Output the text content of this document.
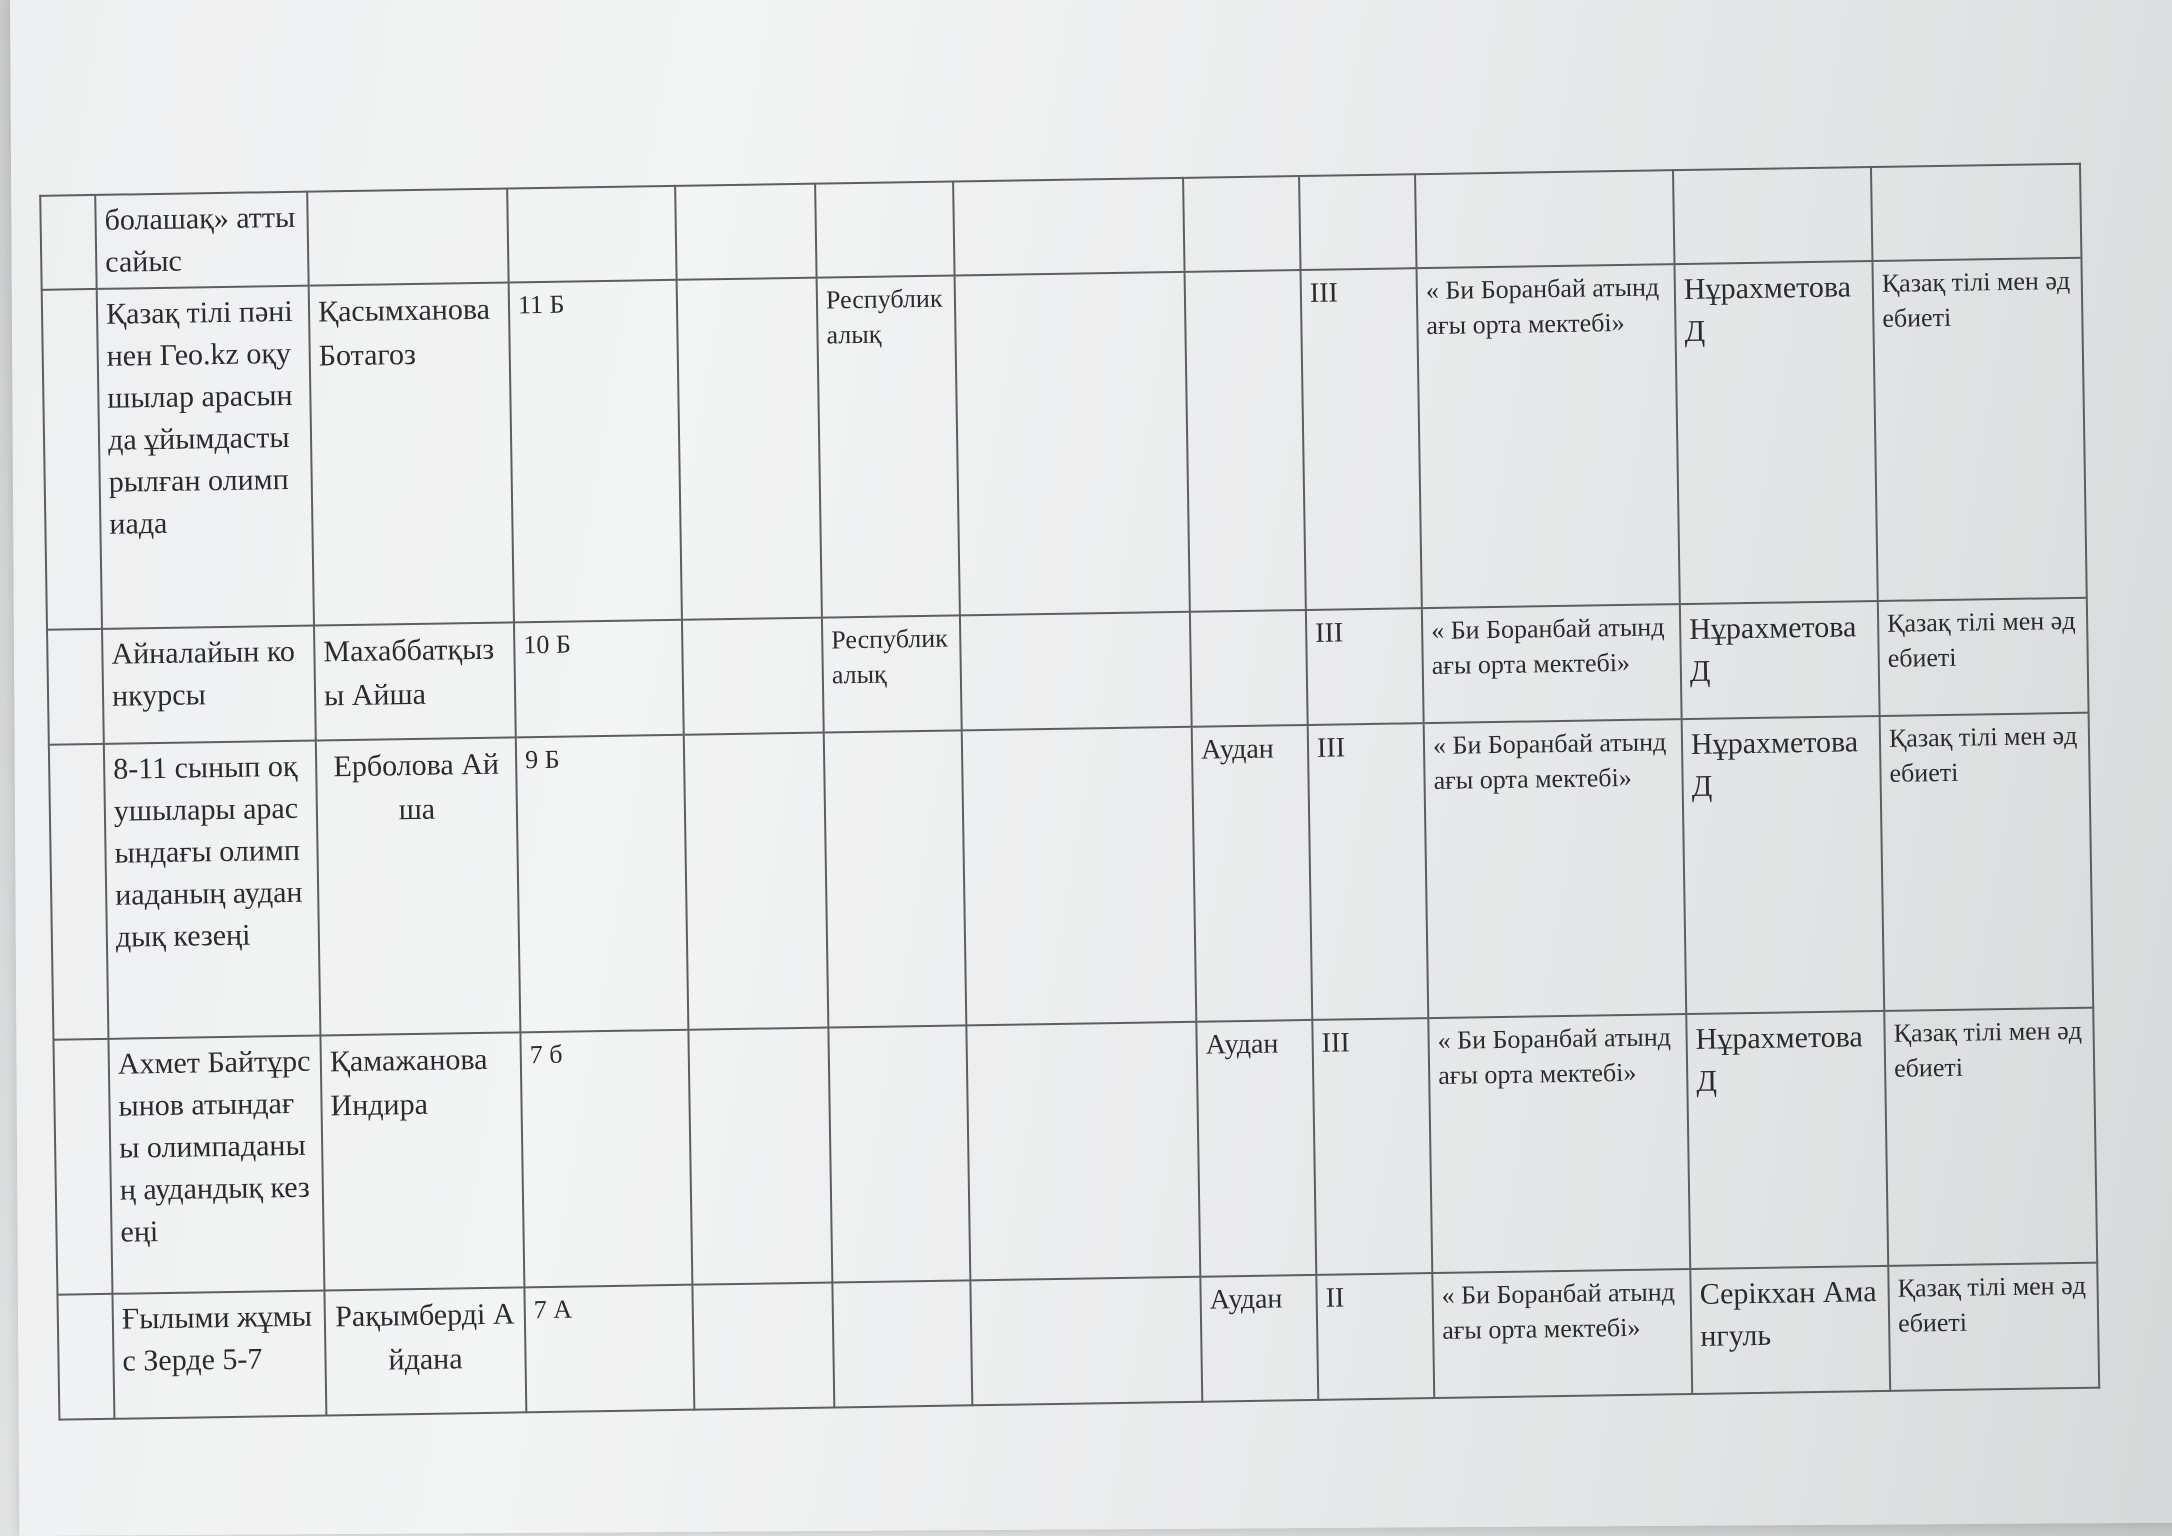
	болашақ» атты сайыс										
	Қазақ тілі пәнінен Гео.kz оқушылар арасында ұйымдастырылған олимпиада	Қасымханова Ботагоз	11 Б		Республикалық			III	« Би Боранбай атындағы орта мектебі»	Нұрахметова Д	Қазақ тілі мен әдебиеті
	Айналайын конкурсы	Махаббатқызы Айша	10 Б		Республикалық			III	« Би Боранбай атындағы орта мектебі»	Нұрахметова Д	Қазақ тілі мен әдебиеті
	8-11 сынып оқушылары арасындағы олимпиаданың аудандық кезеңі	Ерболова Айша	9 Б				Аудан	III	« Би Боранбай атындағы орта мектебі»	Нұрахметова Д	Қазақ тілі мен әдебиеті
	Ахмет Байтұрсынов атындағы олимпаданың аудандық кезеңі	Қамажанова Индира	7 б				Аудан	III	« Би Боранбай атындағы орта мектебі»	Нұрахметова Д	Қазақ тілі мен әдебиеті
	Ғылыми жұмыс Зерде 5-7	Рақымберді Айдана	7 А				Аудан	II	« Би Боранбай атындағы орта мектебі»	Серікхан Амангуль	Қазақ тілі мен әдебиеті
